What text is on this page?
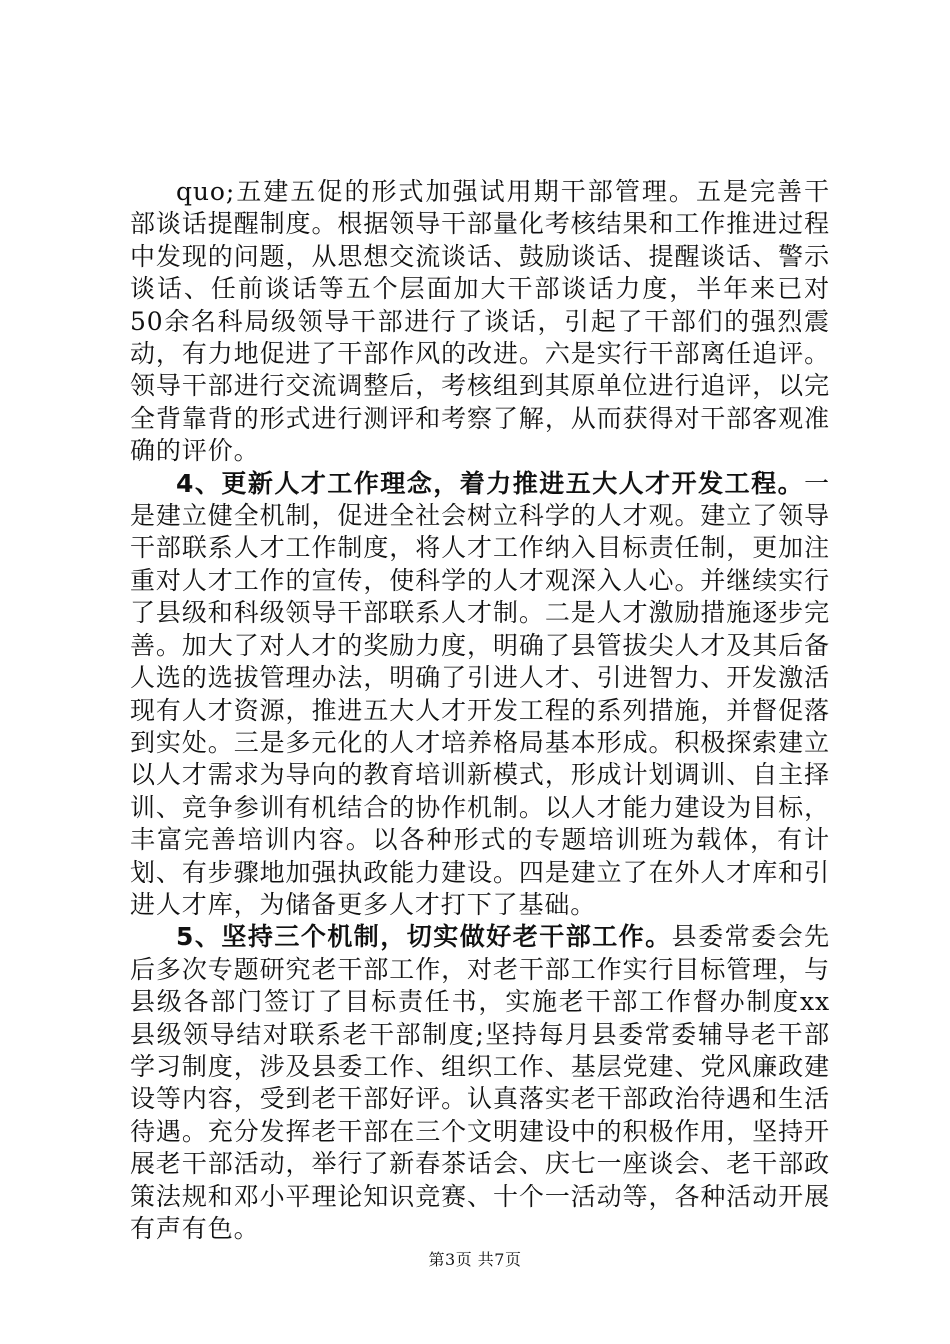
quo;五建五促的形式加强试用期干部管理。五是完善干部谈话提醒制度。根据领导干部量化考核结果和工作推进过程中发现的问题，从思想交流谈话、鼓励谈话、提醒谈话、警示谈话、任前谈话等五个层面加大干部谈话力度，半年来已对50余名科局级领导干部进行了谈话，引起了干部们的强烈震动，有力地促进了干部作风的改进。六是实行干部离任追评。领导干部进行交流调整后，考核组到其原单位进行追评，以完全背靠背的形式进行测评和考察了解，从而获得对干部客观准确的评价。

4、更新人才工作理念，着力推进五大人才开发工程。一是建立健全机制，促进全社会树立科学的人才观。建立了领导干部联系人才工作制度，将人才工作纳入目标责任制，更加注重对人才工作的宣传，使科学的人才观深入人心。并继续实行了县级和科级领导干部联系人才制。二是人才激励措施逐步完善。加大了对人才的奖励力度，明确了县管拔尖人才及其后备人选的选拔管理办法，明确了引进人才、引进智力、开发激活现有人才资源，推进五大人才开发工程的系列措施，并督促落到实处。三是多元化的人才培养格局基本形成。积极探索建立以人才需求为导向的教育培训新模式，形成计划调训、自主择训、竞争参训有机结合的协作机制。以人才能力建设为目标，丰富完善培训内容。以各种形式的专题培训班为载体，有计划、有步骤地加强执政能力建设。四是建立了在外人才库和引进人才库，为储备更多人才打下了基础。

5、坚持三个机制，切实做好老干部工作。县委常委会先后多次专题研究老干部工作，对老干部工作实行目标管理，与县级各部门签订了目标责任书，实施老干部工作督办制度xx县级领导结对联系老干部制度;坚持每月县委常委辅导老干部学习制度，涉及县委工作、组织工作、基层党建、党风廉政建设等内容，受到老干部好评。认真落实老干部政治待遇和生活待遇。充分发挥老干部在三个文明建设中的积极作用，坚持开展老干部活动，举行了新春茶话会、庆七一座谈会、老干部政策法规和邓小平理论知识竞赛、十个一活动等，各种活动开展有声有色。

第3页 共7页
